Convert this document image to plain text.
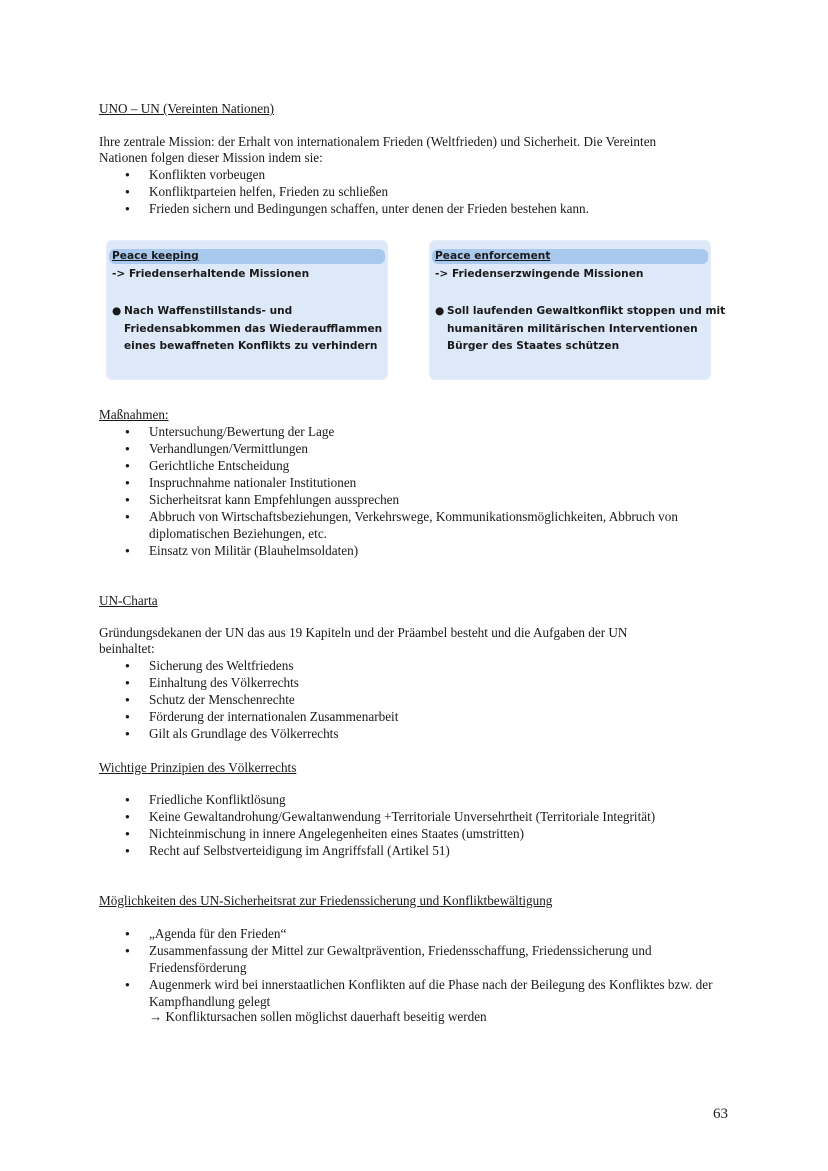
UNO – UN (Vereinten Nationen)
Ihre zentrale Mission: der Erhalt von internationalem Frieden (Weltfrieden) und Sicherheit. Die Vereinten
Nationen folgen dieser Mission indem sie:
● Konflikten vorbeugen
● Konfliktparteien helfen, Frieden zu schließen
● Frieden sichern und Bedingungen schaffen, unter denen der Frieden bestehen kann.
Peace keeping
-> Friedenserhaltende Missionen
● Nach Waffenstillstands- und
Friedensabkommen das Wiederaufflammen
eines bewaffneten Konflikts zu verhindern
Peace enforcement
-> Friedenserzwingende Missionen
● Soll laufenden Gewaltkonflikt stoppen und mit
humanitären militärischen Interventionen
Bürger des Staates schützen
Maßnahmen:
● Untersuchung/Bewertung der Lage
● Verhandlungen/Vermittlungen
● Gerichtliche Entscheidung
● Inspruchnahme nationaler Institutionen
● Sicherheitsrat kann Empfehlungen aussprechen
● Abbruch von Wirtschaftsbeziehungen, Verkehrswege, Kommunikationsmöglichkeiten, Abbruch von diplomatischen Beziehungen, etc.
● Einsatz von Militär (Blauhelmsoldaten)
UN-Charta
Gründungsdekanen der UN das aus 19 Kapiteln und der Präambel besteht und die Aufgaben der UN
beinhaltet:
● Sicherung des Weltfriedens
● Einhaltung des Völkerrechts
● Schutz der Menschenrechte
● Förderung der internationalen Zusammenarbeit
● Gilt als Grundlage des Völkerrechts
Wichtige Prinzipien des Völkerrechts
● Friedliche Konfliktlösung
● Keine Gewaltandrohung/Gewaltanwendung +Territoriale Unversehrtheit (Territoriale Integrität)
● Nichteinmischung in innere Angelegenheiten eines Staates (umstritten)
● Recht auf Selbstverteidigung im Angriffsfall (Artikel 51)
Möglichkeiten des UN-Sicherheitsrat zur Friedenssicherung und Konfliktbewältigung
● „Agenda für den Frieden“
● Zusammenfassung der Mittel zur Gewaltprävention, Friedensschaffung, Friedenssicherung und Friedensförderung
● Augenmerk wird bei innerstaatlichen Konflikten auf die Phase nach der Beilegung des Konfliktes bzw. der Kampfhandlung gelegt
→ Konfliktursachen sollen möglichst dauerhaft beseitig werden
63
